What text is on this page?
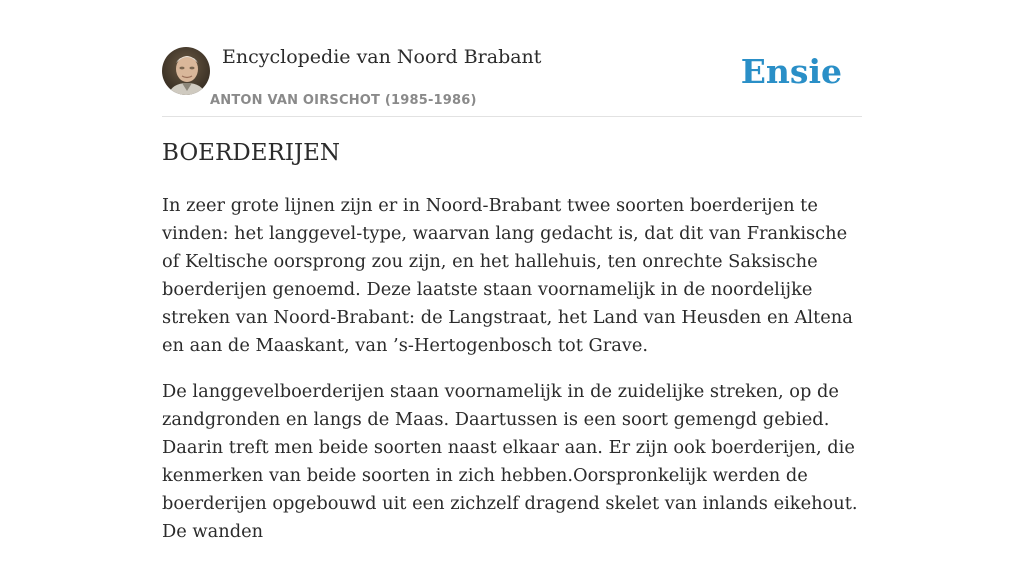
Encyclopedie van Noord Brabant
ANTON VAN OIRSCHOT (1985-1986)
Ensie
BOERDERIJEN

In zeer grote lijnen zijn er in Noord-Brabant twee soorten boerderijen te vinden: het langgevel-type, waarvan lang gedacht is, dat dit van Frankische of Keltische oorsprong zou zijn, en het hallehuis, ten onrechte Saksische boerderijen genoemd. Deze laatste staan voornamelijk in de noordelijke streken van Noord-Brabant: de Langstraat, het Land van Heusden en Altena en aan de Maaskant, van ’s-Hertogenbosch tot Grave.

De langgevelboerderijen staan voornamelijk in de zuidelijke streken, op de zandgronden en langs de Maas. Daartussen is een soort gemengd gebied. Daarin treft men beide soorten naast elkaar aan. Er zijn ook boerderijen, die kenmerken van beide soorten in zich hebben.Oorspronkelijk werden de boerderijen opgebouwd uit een zichzelf dragend skelet van inlands eikehout. De wanden
